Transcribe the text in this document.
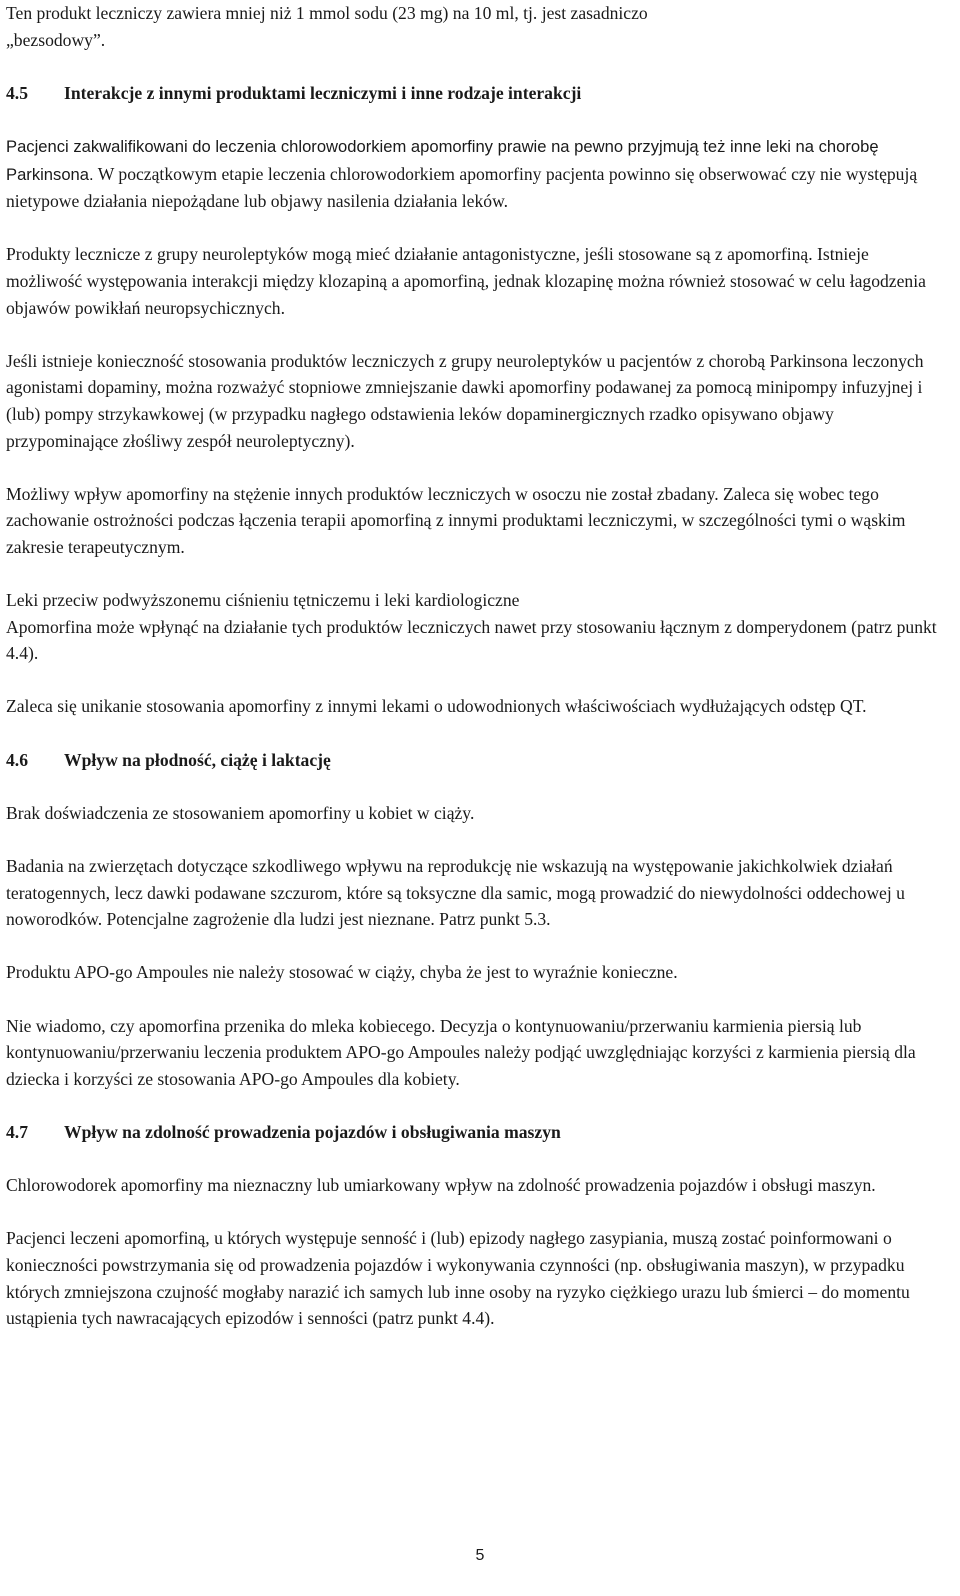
Ten produkt leczniczy zawiera mniej niż 1 mmol sodu (23 mg) na 10 ml, tj. jest zasadniczo
„bezsodowy”.

4.5 Interakcje z innymi produktami leczniczymi i inne rodzaje interakcji

Pacjenci zakwalifikowani do leczenia chlorowodorkiem apomorfiny prawie na pewno przyjmują też inne leki na chorobę Parkinsona. W początkowym etapie leczenia chlorowodorkiem apomorfiny pacjenta powinno się obserwować czy nie występują nietypowe działania niepożądane lub objawy nasilenia działania leków.

Produkty lecznicze z grupy neuroleptyków mogą mieć działanie antagonistyczne, jeśli stosowane są z apomorfiną. Istnieje możliwość występowania interakcji między klozapiną a apomorfiną, jednak klozapinę można również stosować w celu łagodzenia objawów powikłań neuropsychicznych.

Jeśli istnieje konieczność stosowania produktów leczniczych z grupy neuroleptyków u pacjentów z chorobą Parkinsona leczonych agonistami dopaminy, można rozważyć stopniowe zmniejszanie dawki apomorfiny podawanej za pomocą minipompy infuzyjnej i (lub) pompy strzykawkowej (w przypadku nagłego odstawienia leków dopaminergicznych rzadko opisywano objawy przypominające złośliwy zespół neuroleptyczny).

Możliwy wpływ apomorfiny na stężenie innych produktów leczniczych w osoczu nie został zbadany. Zaleca się wobec tego zachowanie ostrożności podczas łączenia terapii apomorfiną z innymi produktami leczniczymi, w szczególności tymi o wąskim zakresie terapeutycznym.

Leki przeciw podwyższonemu ciśnieniu tętniczemu i leki kardiologiczne
Apomorfina może wpłynąć na działanie tych produktów leczniczych nawet przy stosowaniu łącznym z domperydonem (patrz punkt 4.4).

Zaleca się unikanie stosowania apomorfiny z innymi lekami o udowodnionych właściwościach wydłużających odstęp QT.

4.6 Wpływ na płodność, ciążę i laktację

Brak doświadczenia ze stosowaniem apomorfiny u kobiet w ciąży.

Badania na zwierzętach dotyczące szkodliwego wpływu na reprodukcję nie wskazują na występowanie jakichkolwiek działań teratogennych, lecz dawki podawane szczurom, które są toksyczne dla samic, mogą prowadzić do niewydolności oddechowej u noworodków. Potencjalne zagrożenie dla ludzi jest nieznane. Patrz punkt 5.3.

Produktu APO-go Ampoules nie należy stosować w ciąży, chyba że jest to wyraźnie konieczne.

Nie wiadomo, czy apomorfina przenika do mleka kobiecego. Decyzja o kontynuowaniu/przerwaniu karmienia piersią lub kontynuowaniu/przerwaniu leczenia produktem APO-go Ampoules należy podjąć uwzględniając korzyści z karmienia piersią dla dziecka i korzyści ze stosowania APO-go Ampoules dla kobiety.

4.7 Wpływ na zdolność prowadzenia pojazdów i obsługiwania maszyn

Chlorowodorek apomorfiny ma nieznaczny lub umiarkowany wpływ na zdolność prowadzenia pojazdów i obsługi maszyn.

Pacjenci leczeni apomorfiną, u których występuje senność i (lub) epizody nagłego zasypiania, muszą zostać poinformowani o konieczności powstrzymania się od prowadzenia pojazdów i wykonywania czynności (np. obsługiwania maszyn), w przypadku których zmniejszona czujność mogłaby narazić ich samych lub inne osoby na ryzyko ciężkiego urazu lub śmierci – do momentu ustąpienia tych nawracających epizodów i senności (patrz punkt 4.4).

5
